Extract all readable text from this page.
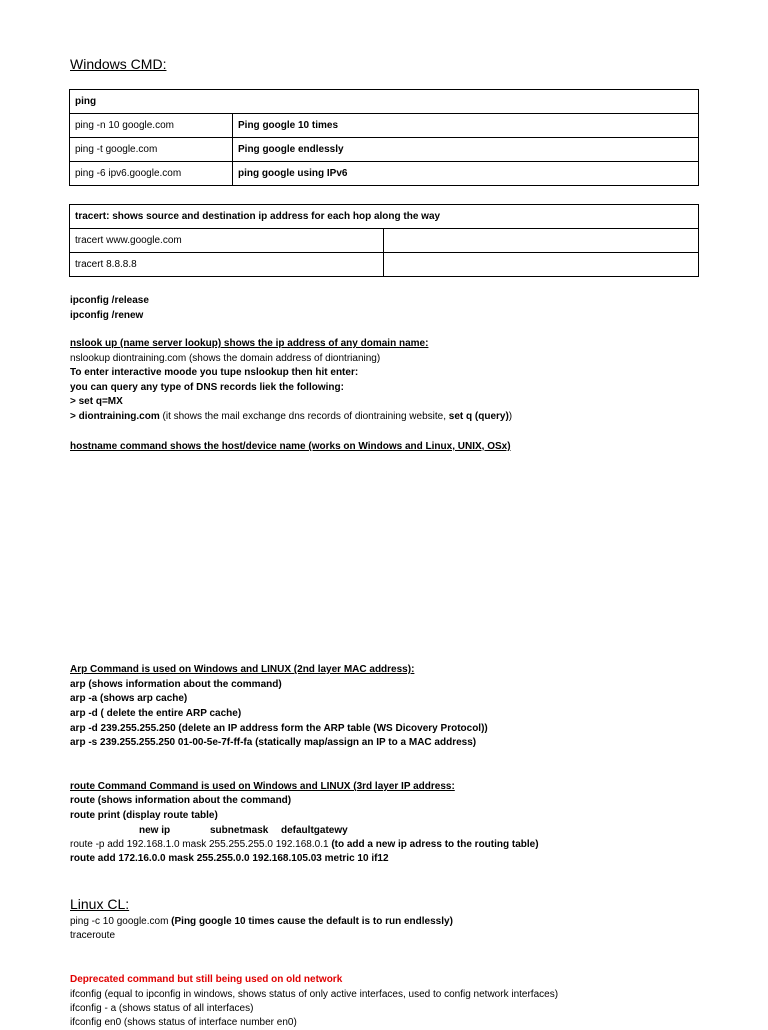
Windows CMD:
ping	
ping -n 10 google.com	Ping google 10 times
ping -t google.com	Ping google endlessly
ping -6 ipv6.google.com	ping google using IPv6
tracert: shows source and destination ip address for each hop along the way	
tracert www.google.com	
tracert 8.8.8.8	
ipconfig /release
ipconfig /renew
nslook up (name server lookup) shows the ip address of any domain name:
nslookup diontraining.com (shows the domain address of diontrianing)
To enter interactive moode you tupe nslookup then hit enter:
you can query any type of DNS records liek the following:
> set q=MX
> diontraining.com (it shows the mail exchange dns records of diontraining website, set q (query))
hostname command shows the host/device name (works on Windows and Linux, UNIX, OSx)
Arp Command is used on Windows and LINUX (2nd layer MAC address):
arp (shows information about the command)
arp -a (shows arp cache)
arp -d ( delete the entire ARP cache)
arp -d 239.255.255.250 (delete an IP address form the ARP table (WS Dicovery Protocol))
arp -s 239.255.255.250 01-00-5e-7f-ff-fa (statically map/assign an IP to a MAC address)
route Command Command is used on Windows and LINUX (3rd layer IP address:
route (shows information about the command)
route print (display route table)
new ip	subnetmask defaultgatewy
route -p add 192.168.1.0 mask 255.255.255.0 192.168.0.1 (to add a new ip adress to the routing table)
route add 172.16.0.0 mask 255.255.0.0 192.168.105.03 metric 10 if12
Linux CL:
ping -c 10 google.com (Ping google 10 times cause the default is to run endlessly)
traceroute
Deprecated command but still being used on old network
ifconfig (equal to ipconfig in windows, shows status of only active interfaces, used to config network interfaces)
ifconfig - a (shows status of all interfaces)
ifconfig en0 (shows status of interface number en0)
